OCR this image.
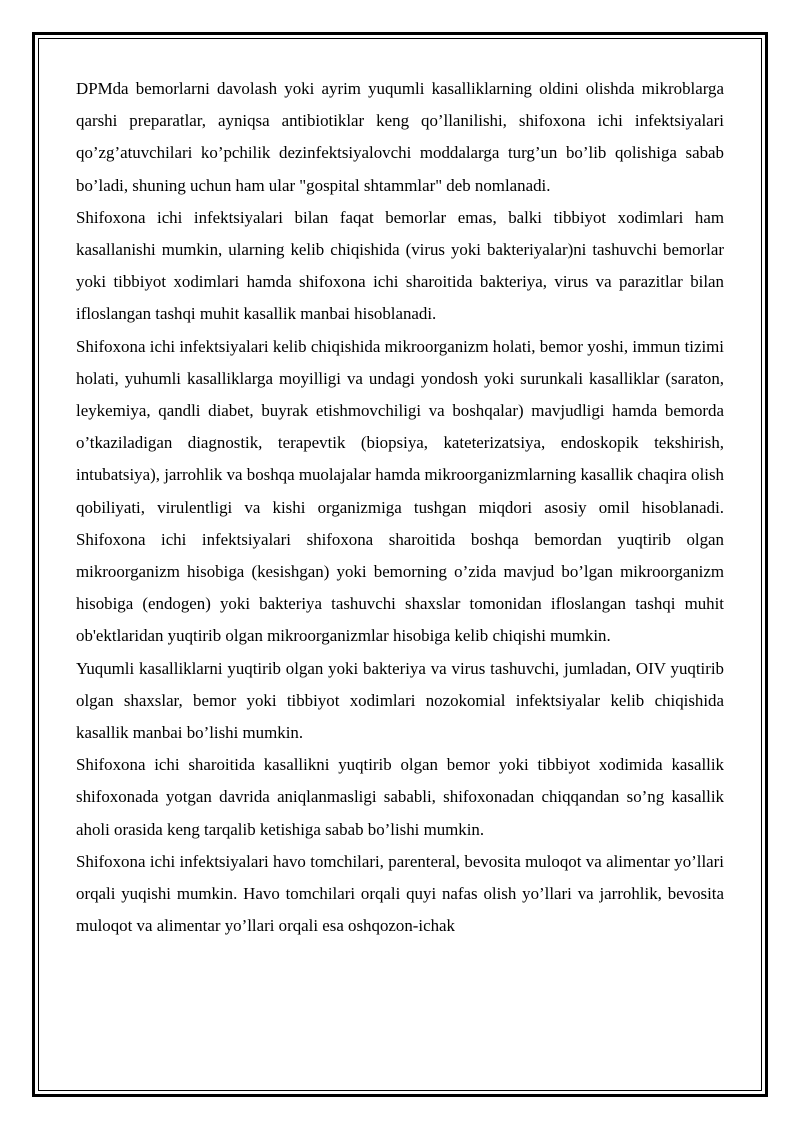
DPMda bemorlarni davolash yoki ayrim yuqumli kasalliklarning oldini olishda mikroblarga qarshi preparatlar, ayniqsa antibiotiklar keng qo’llanilishi, shifoxona ichi infektsiyalari qo’zg’atuvchilari ko’pchilik dezinfektsiyalovchi moddalarga turg’un bo’lib qolishiga sabab bo’ladi, shuning uchun ham ular "gospital shtammlar" deb nomlanadi.

Shifoxona ichi infektsiyalari bilan faqat bemorlar emas, balki tibbiyot xodimlari ham kasallanishi mumkin, ularning kelib chiqishida (virus yoki bakteriyalar)ni tashuvchi bemorlar yoki tibbiyot xodimlari hamda shifoxona ichi sharoitida bakteriya, virus va parazitlar bilan ifloslangan tashqi muhit kasallik manbai hisoblanadi.

Shifoxona ichi infektsiyalari kelib chiqishida mikroorganizm holati, bemor yoshi, immun tizimi holati, yuhumli kasalliklarga moyilligi va undagi yondosh yoki surunkali kasalliklar (saraton, leykemiya, qandli diabet, buyrak etishmovchiligi va boshqalar) mavjudligi hamda bemorda o’tkaziladigan diagnostik, terapevtik (biopsiya, kateterizatsiya, endoskopik tekshirish, intubatsiya), jarrohlik va boshqa muolajalar hamda mikroorganizmlarning kasallik chaqira olish qobiliyati, virulentligi va kishi organizmiga tushgan miqdori asosiy omil hisoblanadi. Shifoxona ichi infektsiyalari shifoxona sharoitida boshqa bemordan yuqtirib olgan mikroorganizm hisobiga (kesishgan) yoki bemorning o’zida mavjud bo’lgan mikroorganizm hisobiga (endogen) yoki bakteriya tashuvchi shaxslar tomonidan ifloslangan tashqi muhit ob'ektlaridan yuqtirib olgan mikroorganizmlar hisobiga kelib chiqishi mumkin.

Yuqumli kasalliklarni yuqtirib olgan yoki bakteriya va virus tashuvchi, jumladan, OIV yuqtirib olgan shaxslar, bemor yoki tibbiyot xodimlari nozokomial infektsiyalar kelib chiqishida kasallik manbai bo’lishi mumkin.

Shifoxona ichi sharoitida kasallikni yuqtirib olgan bemor yoki tibbiyot xodimida kasallik shifoxonada yotgan davrida aniqlanmasligi sababli, shifoxonadan chiqqandan so’ng kasallik aholi orasida keng tarqalib ketishiga sabab bo’lishi mumkin.

Shifoxona ichi infektsiyalari havo tomchilari, parenteral, bevosita muloqot va alimentar yo’llari orqali yuqishi mumkin. Havo tomchilari orqali quyi nafas olish yo’llari va jarrohlik, bevosita muloqot va alimentar yo’llari orqali esa oshqozon-ichak
